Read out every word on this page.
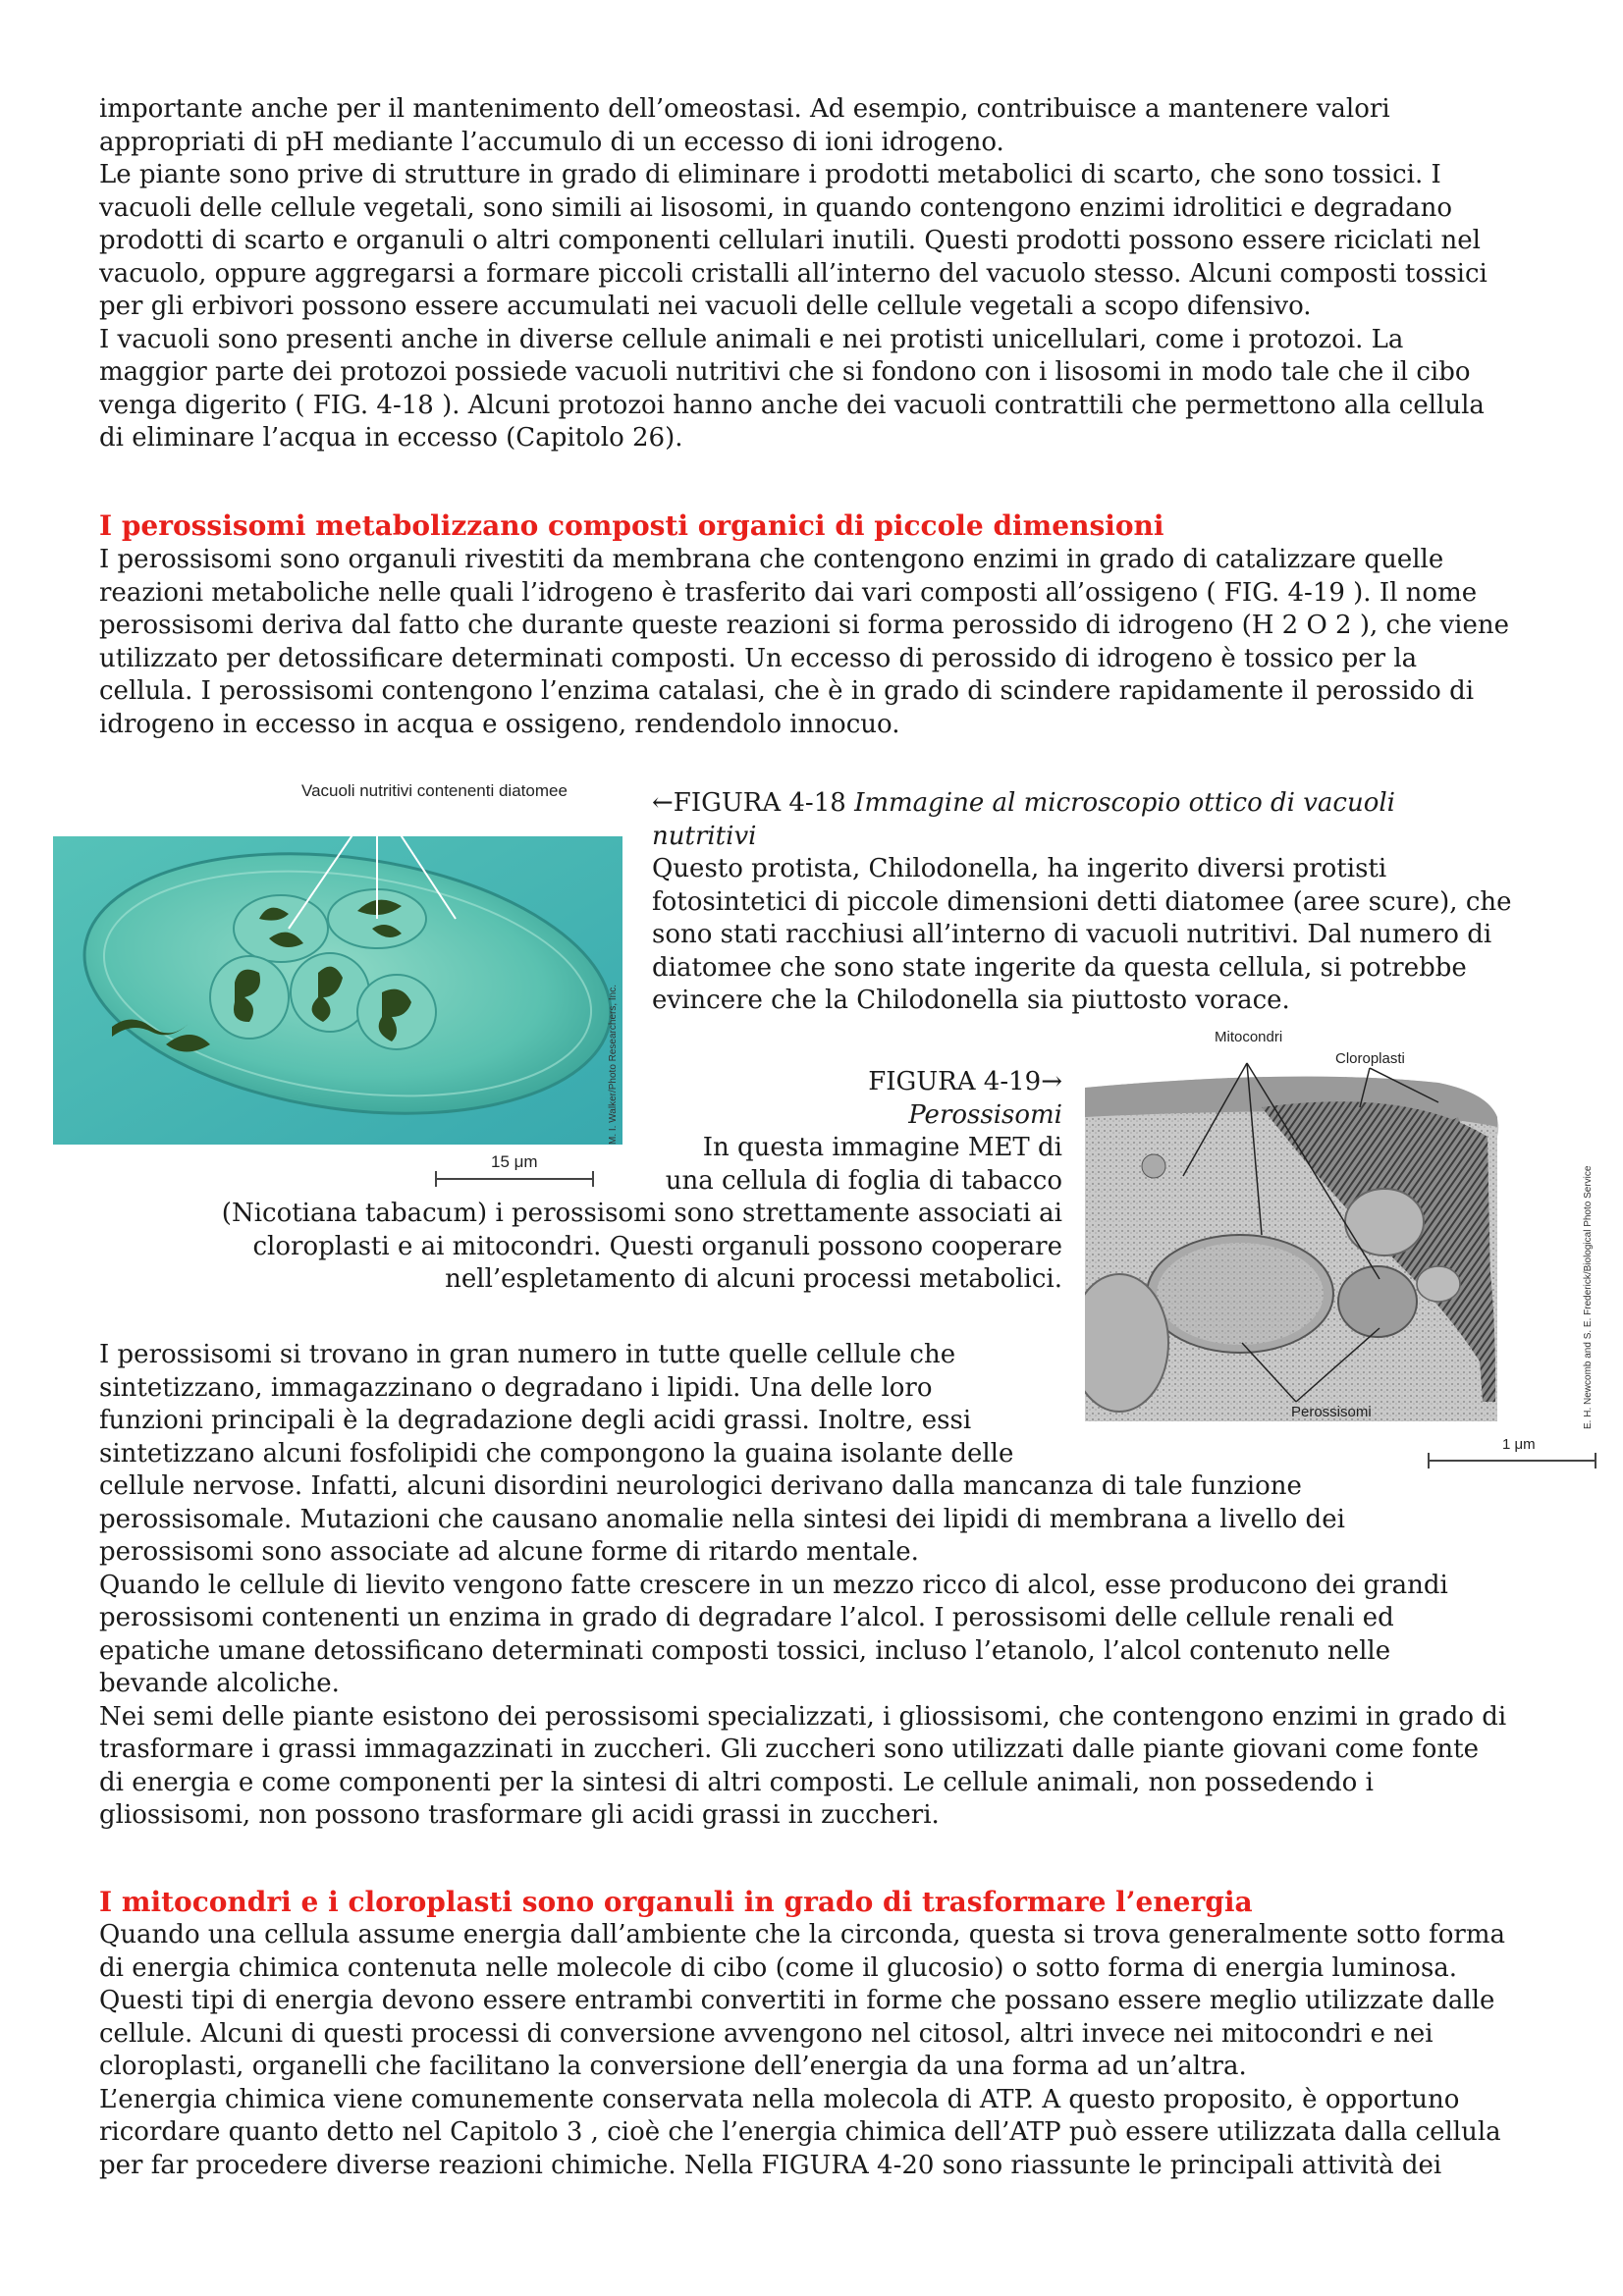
importante anche per il mantenimento dell’omeostasi. Ad esempio, contribuisce a mantenere valori

appropriati di pH mediante l’accumulo di un eccesso di ioni idrogeno.

Le piante sono prive di strutture in grado di eliminare i prodotti metabolici di scarto, che sono tossici. I

vacuoli delle cellule vegetali, sono simili ai lisosomi, in quando contengono enzimi idrolitici e degradano

prodotti di scarto e organuli o altri componenti cellulari inutili. Questi prodotti possono essere riciclati nel

vacuolo, oppure aggregarsi a formare piccoli cristalli all’interno del vacuolo stesso. Alcuni composti tossici

per gli erbivori possono essere accumulati nei vacuoli delle cellule vegetali a scopo difensivo.

I vacuoli sono presenti anche in diverse cellule animali e nei protisti unicellulari, come i protozoi. La

maggior parte dei protozoi possiede vacuoli nutritivi che si fondono con i lisosomi in modo tale che il cibo

venga digerito ( FIG. 4-18 ). Alcuni protozoi hanno anche dei vacuoli contrattili che permettono alla cellula

di eliminare l’acqua in eccesso (Capitolo 26).

I perossisomi metabolizzano composti organici di piccole dimensioni

I perossisomi sono organuli rivestiti da membrana che contengono enzimi in grado di catalizzare quelle

reazioni metaboliche nelle quali l’idrogeno è trasferito dai vari composti all’ossigeno ( FIG. 4-19 ). Il nome

perossisomi deriva dal fatto che durante queste reazioni si forma perossido di idrogeno (H 2 O 2 ), che viene

utilizzato per detossificare determinati composti. Un eccesso di perossido di idrogeno è tossico per la

cellula. I perossisomi contengono l’enzima catalasi, che è in grado di scindere rapidamente il perossido di

idrogeno in eccesso in acqua e ossigeno, rendendolo innocuo.

Vacuoli nutritivi contenenti diatomee
15 μm
M. I. Walker/Photo Researchers, Inc.
←FIGURA 4-18 Immagine al microscopio ottico di vacuoli
nutritivi
Questo protista, Chilodonella, ha ingerito diversi protisti
fotosintetici di piccole dimensioni detti diatomee (aree scure), che
sono stati racchiusi all’interno di vacuoli nutritivi. Dal numero di
diatomee che sono state ingerite da questa cellula, si potrebbe
evincere che la Chilodonella sia piuttosto vorace.
Mitocondri
Cloroplasti
Perossisomi
1 μm
E. H. Newcomb and S. E. Frederick/Biological Photo Service
FIGURA 4-19→
Perossisomi
In questa immagine MET di
una cellula di foglia di tabacco
(Nicotiana tabacum) i perossisomi sono strettamente associati ai
cloroplasti e ai mitocondri. Questi organuli possono cooperare
nell’espletamento di alcuni processi metabolici.
I perossisomi si trovano in gran numero in tutte quelle cellule che
sintetizzano, immagazzinano o degradano i lipidi. Una delle loro
funzioni principali è la degradazione degli acidi grassi. Inoltre, essi
sintetizzano alcuni fosfolipidi che compongono la guaina isolante delle

cellule nervose. Infatti, alcuni disordini neurologici derivano dalla mancanza di tale funzione

perossisomale. Mutazioni che causano anomalie nella sintesi dei lipidi di membrana a livello dei

perossisomi sono associate ad alcune forme di ritardo mentale.

Quando le cellule di lievito vengono fatte crescere in un mezzo ricco di alcol, esse producono dei grandi

perossisomi contenenti un enzima in grado di degradare l’alcol. I perossisomi delle cellule renali ed

epatiche umane detossificano determinati composti tossici, incluso l’etanolo, l’alcol contenuto nelle

bevande alcoliche.

Nei semi delle piante esistono dei perossisomi specializzati, i gliossisomi, che contengono enzimi in grado di

trasformare i grassi immagazzinati in zuccheri. Gli zuccheri sono utilizzati dalle piante giovani come fonte

di energia e come componenti per la sintesi di altri composti. Le cellule animali, non possedendo i

gliossisomi, non possono trasformare gli acidi grassi in zuccheri.

I mitocondri e i cloroplasti sono organuli in grado di trasformare l’energia

Quando una cellula assume energia dall’ambiente che la circonda, questa si trova generalmente sotto forma

di energia chimica contenuta nelle molecole di cibo (come il glucosio) o sotto forma di energia luminosa.

Questi tipi di energia devono essere entrambi convertiti in forme che possano essere meglio utilizzate dalle

cellule. Alcuni di questi processi di conversione avvengono nel citosol, altri invece nei mitocondri e nei

cloroplasti, organelli che facilitano la conversione dell’energia da una forma ad un’altra.

L’energia chimica viene comunemente conservata nella molecola di ATP. A questo proposito, è opportuno

ricordare quanto detto nel Capitolo 3 , cioè che l’energia chimica dell’ATP può essere utilizzata dalla cellula

per far procedere diverse reazioni chimiche. Nella FIGURA 4-20 sono riassunte le principali attività dei
